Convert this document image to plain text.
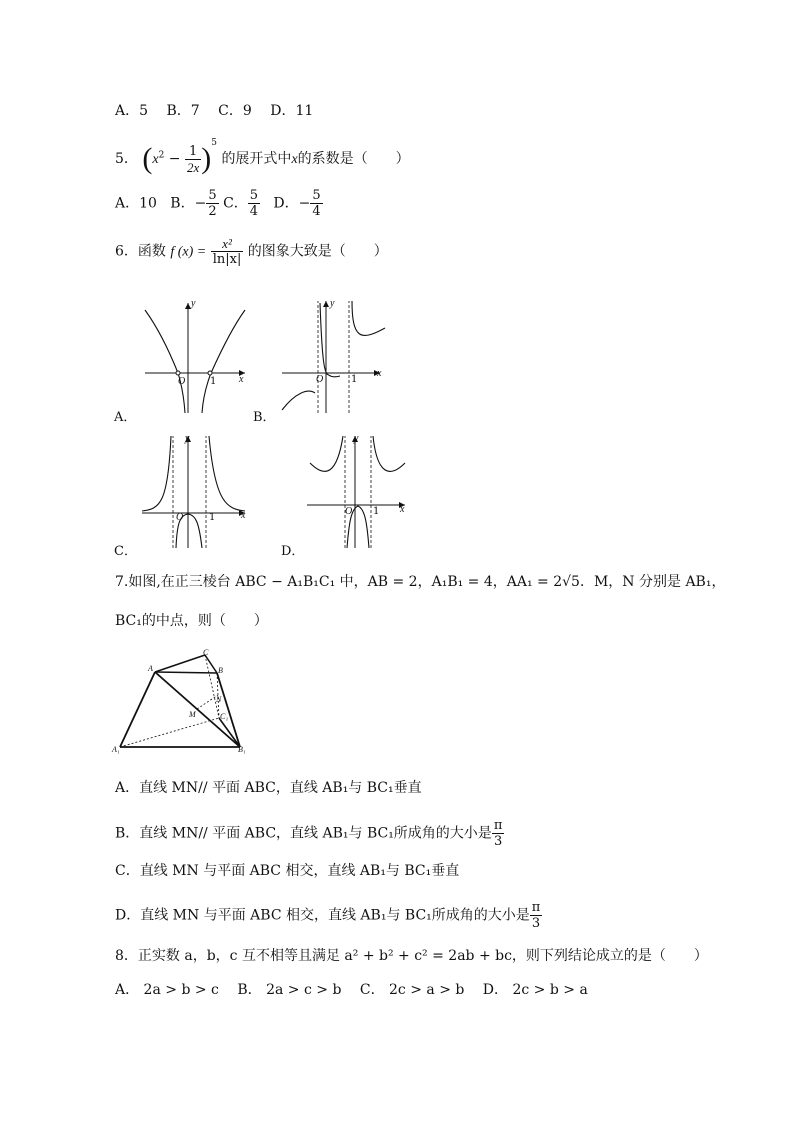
A．5 B．7 C．9 D．11
5． $(x^2 - \frac{1}{2x} )^5$ 的展开式中x的系数是（　　）
A．10 B．− $\frac{5}{2}$ C． $\frac{5}{4}$ D．− $\frac{5}{4}$
6．函数 f $(x) = \frac{\text{x²}}{\ln|x|}$ 的图象大致是（　　）
y
x
O 1
A．
y
x
O	1
B．
y
x
O	1
C．
y
x
O 1
D．
7.如图,在正三棱台 ABC − A₁B₁C₁ 中，AB = 2，A₁B₁ = 4，AA₁ = 2√5．M，N 分别是 AB₁，
BC₁的中点，则（　　）
A
C
B
N
M	C₁
A₁	B₁
A．直线 MN// 平面 ABC，直线 AB₁与 BC₁垂直
B．直线 MN// 平面 ABC，直线 AB₁与 BC₁所成角的大小是 $\frac{\pi}{3}$
C．直线 MN 与平面 ABC 相交，直线 AB₁与 BC₁垂直
D．直线 MN 与平面 ABC 相交，直线 AB₁与 BC₁所成角的大小是 $\frac{\pi}{3}$
8．正实数 a，b，c 互不相等且满足 a² + b² + c² = 2ab + bc，则下列结论成立的是（　　）
A． 2a > b > c B． 2a > c > b C． 2c > a > b D． 2c > b > a
